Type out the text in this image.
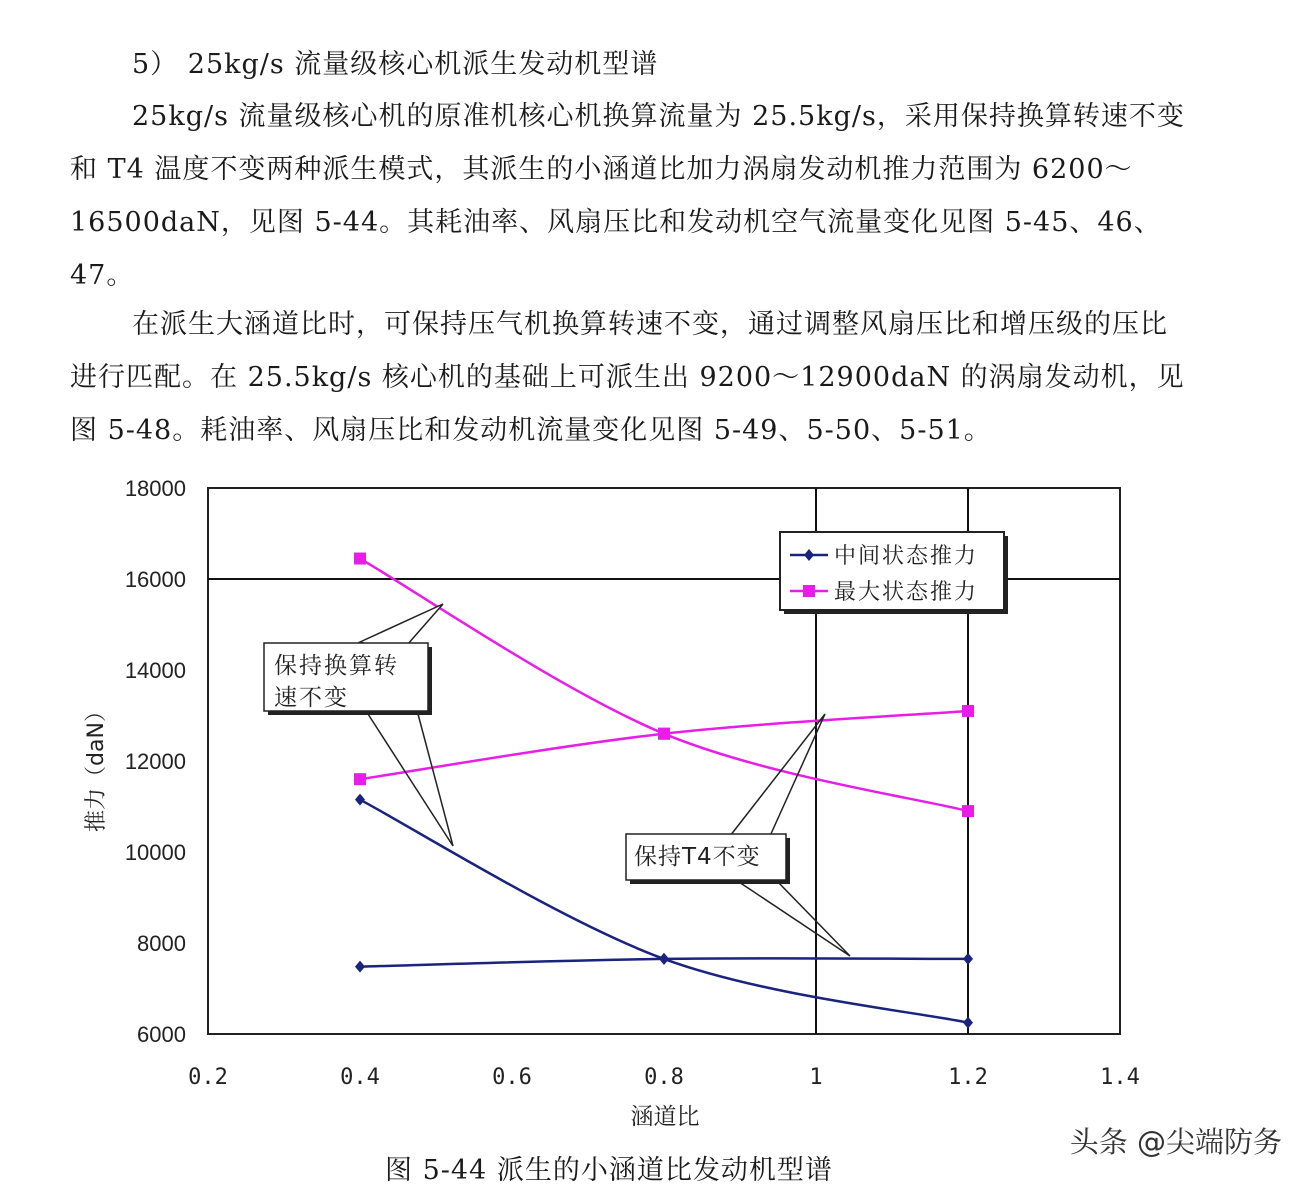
5） 25kg/s 流量级核心机派生发动机型谱

25kg/s 流量级核心机的原准机核心机换算流量为 25.5kg/s，采用保持换算转速不变和 T4 温度不变两种派生模式，其派生的小涵道比加力涡扇发动机推力范围为 6200～16500daN，见图 5-44。其耗油率、风扇压比和发动机空气流量变化见图 5-45、46、47。

在派生大涵道比时，可保持压气机换算转速不变，通过调整风扇压比和增压级的压比进行匹配。在 25.5kg/s 核心机的基础上可派生出 9200～12900daN 的涡扇发动机，见图 5-48。耗油率、风扇压比和发动机流量变化见图 5-49、5-50、5-51。

保持换算转
速不变
保持T4不变
中间状态推力
最大状态推力
0.2	0.4	0.6	0.8	1	1.2	1.4
6000
8000
10000
12000
14000
16000
18000
涵道比
推力（daN）
图 5-44 派生的小涵道比发动机型谱
头条 @尖端防务
